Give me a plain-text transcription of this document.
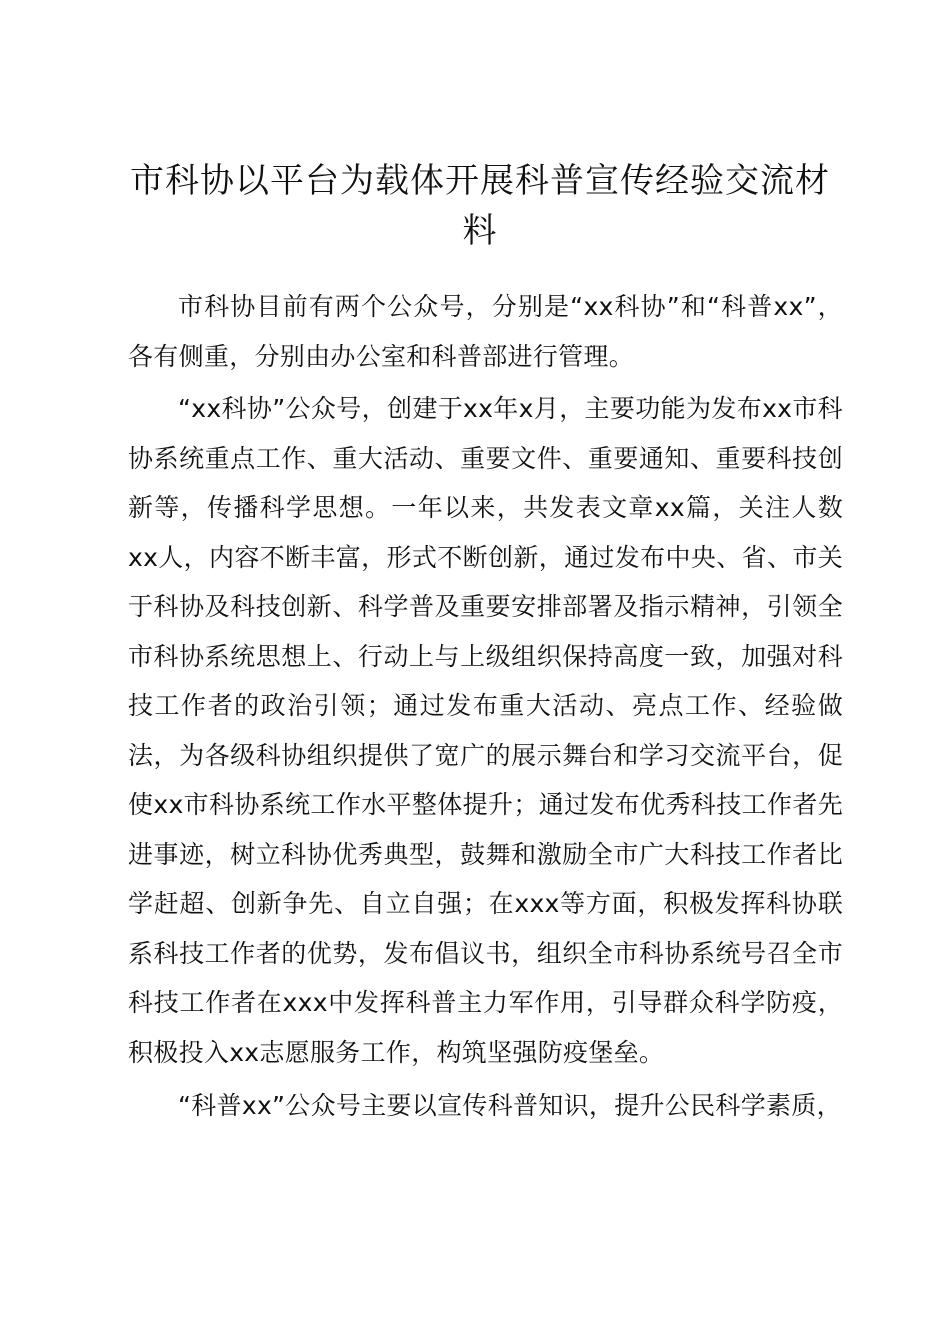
市科协以平台为载体开展科普宣传经验交流材料

市科协目前有两个公众号，分别是“xx科协”和“科普xx”，各有侧重，分别由办公室和科普部进行管理。

“xx科协”公众号，创建于xx年x月，主要功能为发布xx市科协系统重点工作、重大活动、重要文件、重要通知、重要科技创新等，传播科学思想。一年以来，共发表文章xx篇，关注人数xx人，内容不断丰富，形式不断创新，通过发布中央、省、市关于科协及科技创新、科学普及重要安排部署及指示精神，引领全市科协系统思想上、行动上与上级组织保持高度一致，加强对科技工作者的政治引领；通过发布重大活动、亮点工作、经验做法，为各级科协组织提供了宽广的展示舞台和学习交流平台，促使xx市科协系统工作水平整体提升；通过发布优秀科技工作者先进事迹，树立科协优秀典型，鼓舞和激励全市广大科技工作者比学赶超、创新争先、自立自强；在xxx等方面，积极发挥科协联系科技工作者的优势，发布倡议书，组织全市科协系统号召全市科技工作者在xxx中发挥科普主力军作用，引导群众科学防疫，积极投入xx志愿服务工作，构筑坚强防疫堡垒。

“科普xx”公众号主要以宣传科普知识，提升公民科学素质，
